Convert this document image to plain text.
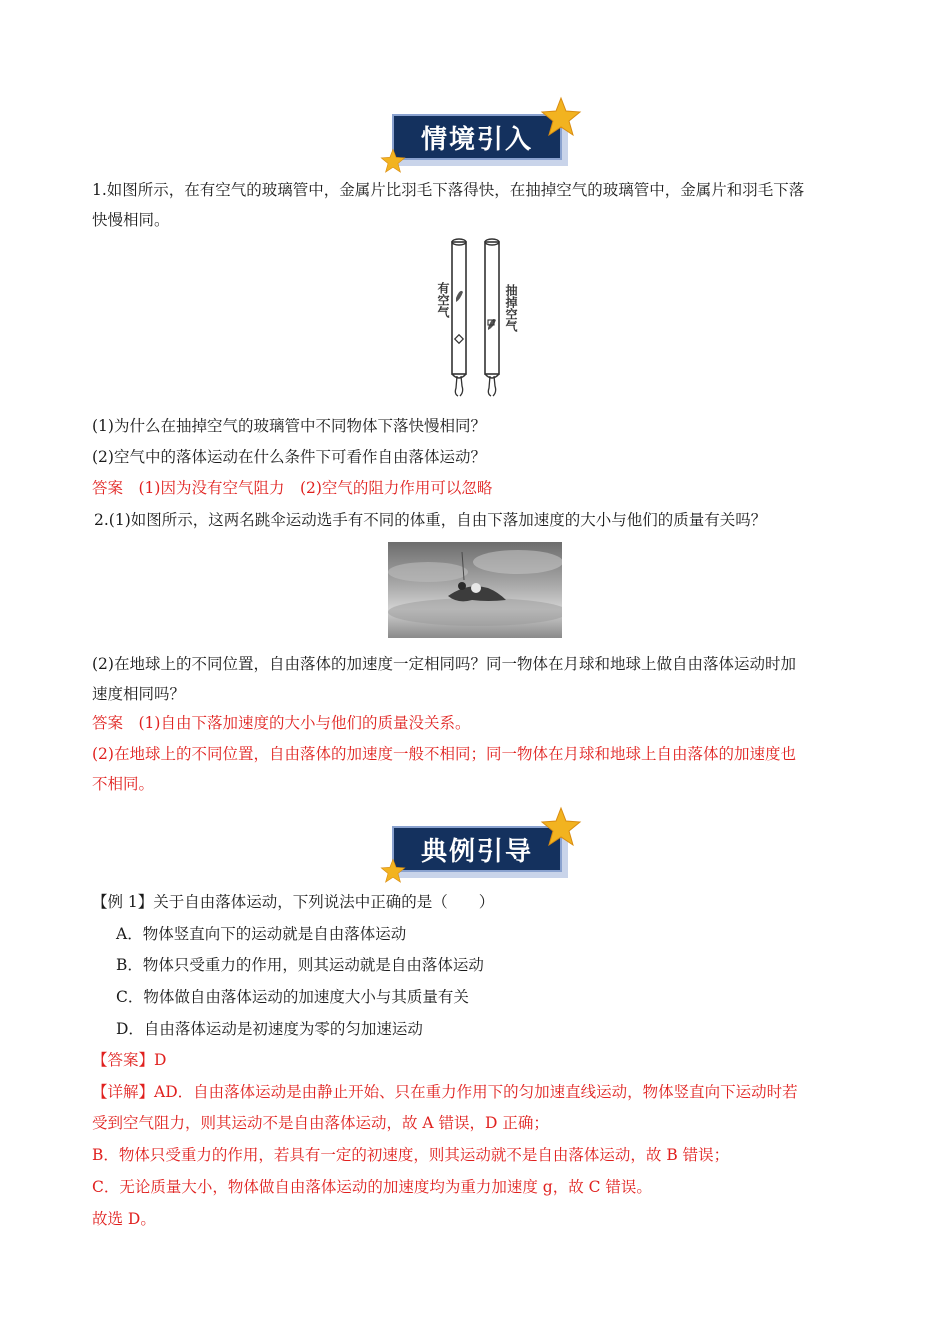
情境引入
1.如图所示，在有空气的玻璃管中，金属片比羽毛下落得快，在抽掉空气的玻璃管中，金属片和羽毛下落
快慢相同。
有空气	抽掉空气
(1)为什么在抽掉空气的玻璃管中不同物体下落快慢相同？
(2)空气中的落体运动在什么条件下可看作自由落体运动？
答案　(1)因为没有空气阻力　(2)空气的阻力作用可以忽略
2.(1)如图所示，这两名跳伞运动选手有不同的体重，自由下落加速度的大小与他们的质量有关吗？
(2)在地球上的不同位置，自由落体的加速度一定相同吗？同一物体在月球和地球上做自由落体运动时加
速度相同吗？
答案　(1)自由下落加速度的大小与他们的质量没关系。
(2)在地球上的不同位置，自由落体的加速度一般不相同；同一物体在月球和地球上自由落体的加速度也
不相同。
典例引导
【例 1】关于自由落体运动，下列说法中正确的是（　　）
A．物体竖直向下的运动就是自由落体运动
B．物体只受重力的作用，则其运动就是自由落体运动
C．物体做自由落体运动的加速度大小与其质量有关
D．自由落体运动是初速度为零的匀加速运动
【答案】D
【详解】AD．自由落体运动是由静止开始、只在重力作用下的匀加速直线运动，物体竖直向下运动时若
受到空气阻力，则其运动不是自由落体运动，故 A 错误，D 正确；
B．物体只受重力的作用，若具有一定的初速度，则其运动就不是自由落体运动，故 B 错误；
C．无论质量大小，物体做自由落体运动的加速度均为重力加速度 g，故 C 错误。
故选 D。
